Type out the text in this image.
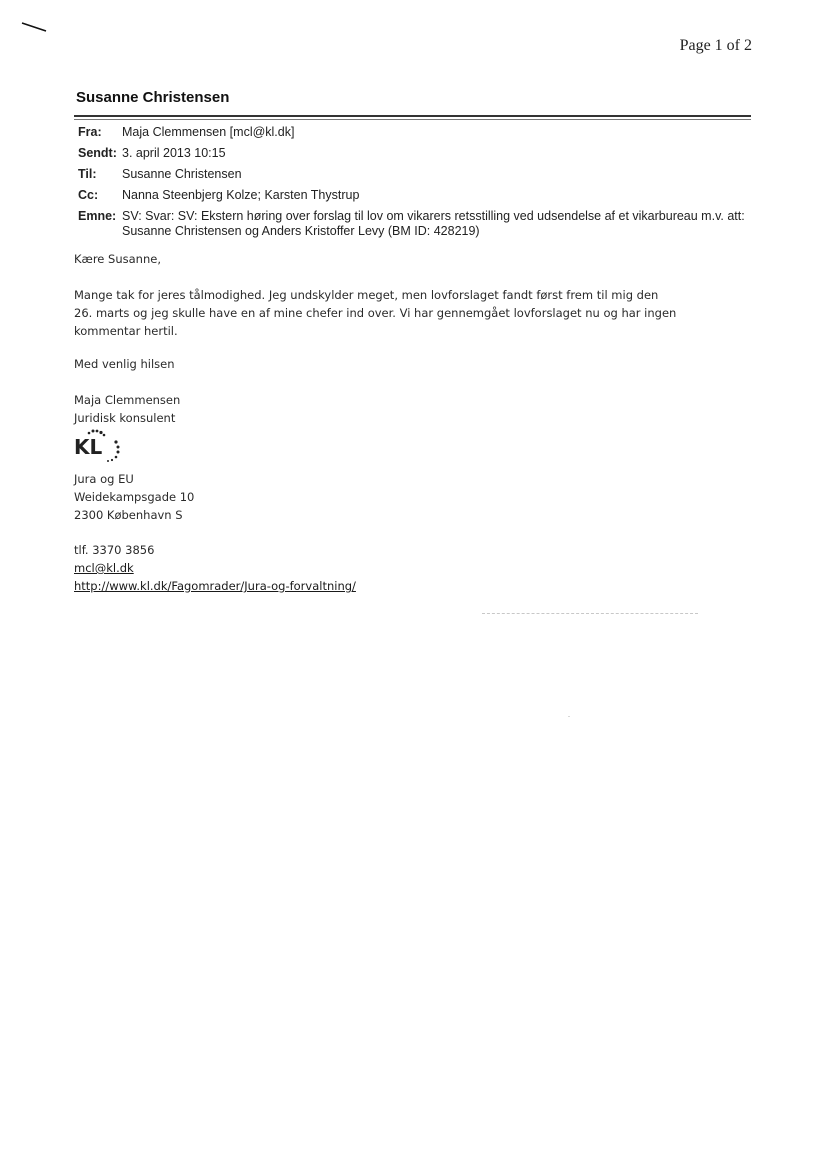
Page 1 of 2
Susanne Christensen
Fra:	Maja Clemmensen [mcl@kl.dk]
Sendt: 3. april 2013 10:15
Til:	Susanne Christensen
Cc:	Nanna Steenbjerg Kolze; Karsten Thystrup
Emne: SV: Svar: SV: Ekstern høring over forslag til lov om vikarers retsstilling ved udsendelse af et vikarbureau m.v. att: Susanne Christensen og Anders Kristoffer Levy (BM ID: 428219)
Kære Susanne,
Mange tak for jeres tålmodighed. Jeg undskylder meget, men lovforslaget fandt først frem til mig den
26. marts og jeg skulle have en af mine chefer ind over. Vi har gennemgået lovforslaget nu og har ingen
kommentar hertil.
Med venlig hilsen
Maja Clemmensen
Juridisk konsulent
KL
Jura og EU
Weidekampsgade 10
2300 København S
tlf. 3370 3856
mcl@kl.dk
http://www.kl.dk/Fagomrader/Jura-og-forvaltning/
